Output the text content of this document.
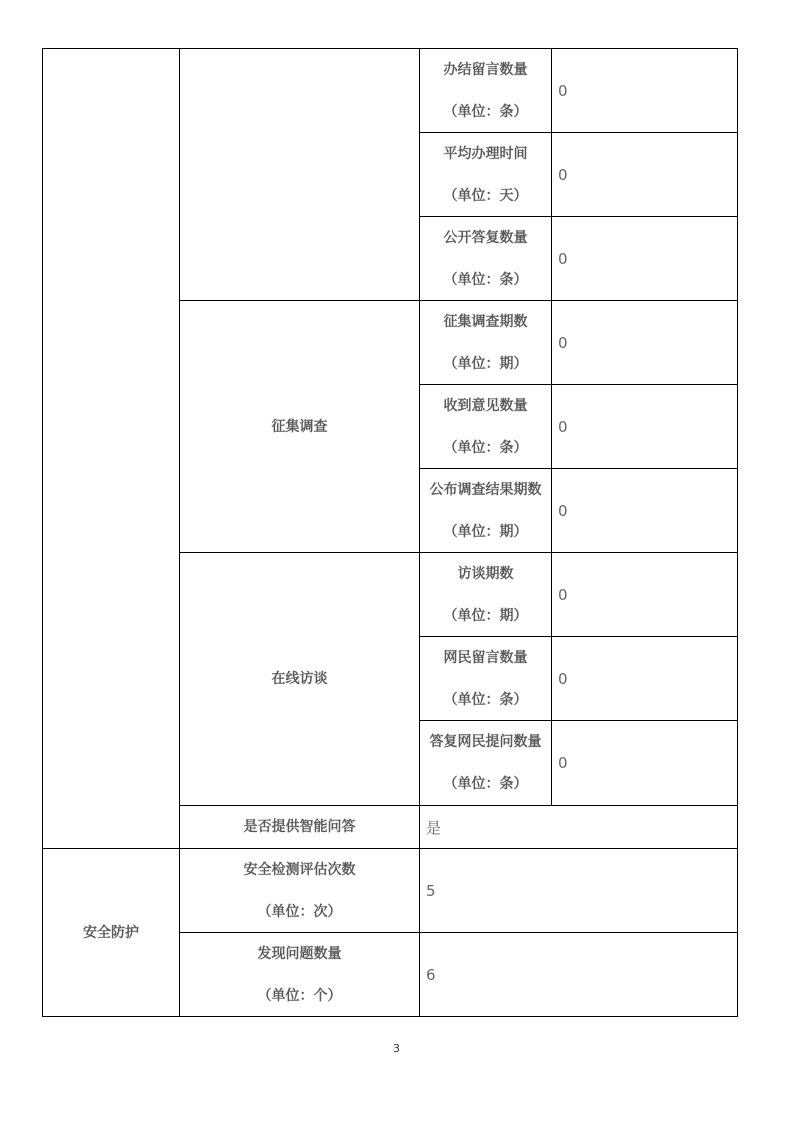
征集调查
在线访谈
办结留言数量
（单位：条）
0
平均办理时间
（单位：天）
0
公开答复数量
（单位：条）
0
征集调查期数
（单位：期）
0
收到意见数量
（单位：条）
0
公布调查结果期数
（单位：期）
0
访谈期数
（单位：期）
0
网民留言数量
（单位：条）
0
答复网民提问数量
（单位：条）
0
是否提供智能问答	是
安全防护
安全检测评估次数
（单位：次）
5
发现问题数量
（单位：个）
6
3
